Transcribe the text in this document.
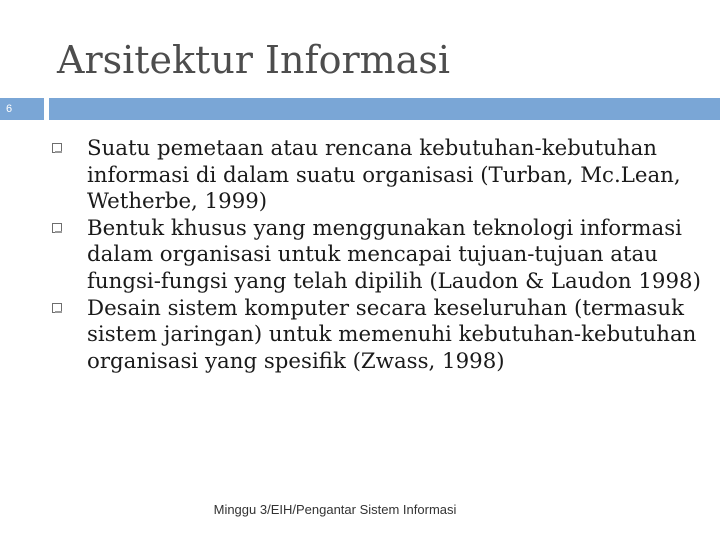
Arsitektur Informasi
6
Suatu pemetaan atau rencana kebutuhan-kebutuhan informasi di dalam suatu organisasi (Turban, Mc.Lean, Wetherbe, 1999)
Bentuk khusus yang menggunakan teknologi informasi dalam organisasi untuk mencapai tujuan-tujuan atau fungsi-fungsi yang telah dipilih (Laudon & Laudon 1998)
Desain sistem komputer secara keseluruhan (termasuk sistem jaringan) untuk memenuhi kebutuhan-kebutuhan organisasi yang spesifik (Zwass, 1998)
Minggu 3/EIH/Pengantar Sistem Informasi
